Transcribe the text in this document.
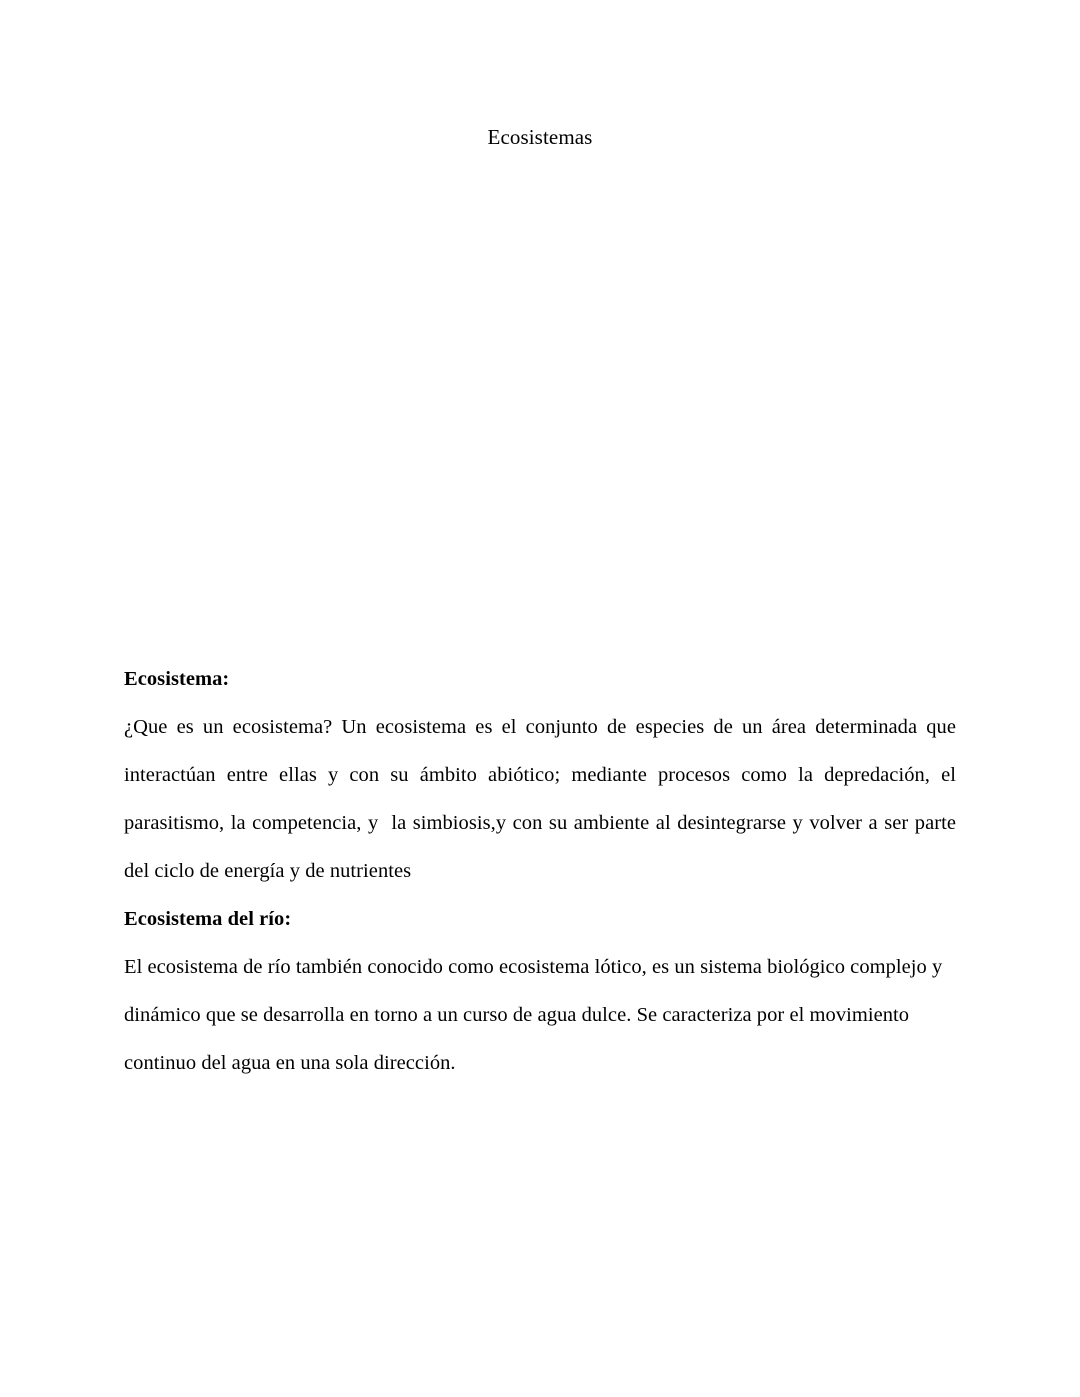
Ecosistemas

Ecosistema:

¿Que es un ecosistema? Un ecosistema es el conjunto de especies de un área determinada que interactúan entre ellas y con su ámbito abiótico; mediante procesos como la depredación, el parasitismo, la competencia, y  la simbiosis,y con su ambiente al desintegrarse y volver a ser parte del ciclo de energía y de nutrientes

Ecosistema del río:

El ecosistema de río también conocido como ecosistema lótico, es un sistema biológico complejo y dinámico que se desarrolla en torno a un curso de agua dulce. Se caracteriza por el movimiento continuo del agua en una sola dirección.
